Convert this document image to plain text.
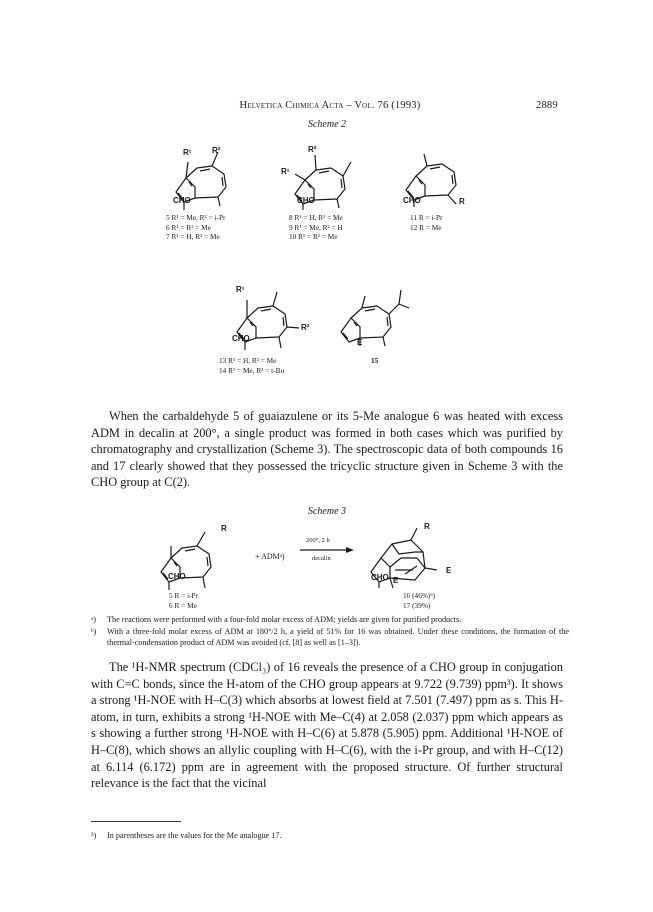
Helvetica Chimica Acta – Vol. 76 (1993)	2889
Scheme 2
R¹	R²
CHO
R²
R¹
CHO	CHO	R
5 R¹ = Me, R² = i-Pr
6 R¹ = R² = Me
7 R¹ = H, R² = Me
8 R¹ = H, R² = Me
9 R¹ = Me, R² = H
10 R¹ = R² = Me
11 R = i-Pr
12 R = Me
R¹
R²
CHO	E
13 R¹ = H, R² = Me
14 R¹ = Me, R² = t-Bu
15

When the carbaldehyde 5 of guaiazulene or its 5-Me analogue 6 was heated with excess ADM in decalin at 200°, a single product was formed in both cases which was purified by chromatography and crystallization (Scheme 3). The spectroscopic data of both compounds 16 and 17 clearly showed that they possessed the tricyclic structure given in Scheme 3 with the CHO group at C(2).

Scheme 3
R
CHO
+ ADMᵃ)
200°, 2 h
decalin
R
CHO E
E
5 R = i-Pr
6 R = Me
16 (46%)ᵇ)
17 (39%)
ᵃ) The reactions were performed with a four-fold molar excess of ADM; yields are given for purified products.
ᵇ) With a three-fold molar excess of ADM at 180°/2 h, a yield of 51% for 16 was obtained. Under these conditions, the formation of the thermal-condensation product of ADM was avoided (cf. [8] as well as [1–3]).

The ¹H-NMR spectrum (CDCl₃) of 16 reveals the presence of a CHO group in conjugation with C=C bonds, since the H-atom of the CHO group appears at 9.722 (9.739) ppm³). It shows a strong ¹H-NOE with H–C(3) which absorbs at lowest field at 7.501 (7.497) ppm as s. This H-atom, in turn, exhibits a strong ¹H-NOE with Me–C(4) at 2.058 (2.037) ppm which appears as s showing a further strong ¹H-NOE with H–C(6) at 5.878 (5.905) ppm. Additional ¹H-NOE of H–C(8), which shows an allylic coupling with H–C(6), with the i-Pr group, and with H–C(12) at 6.114 (6.172) ppm are in agreement with the proposed structure. Of further structural relevance is the fact that the vicinal

³) In parentheses are the values for the Me analogue 17.
